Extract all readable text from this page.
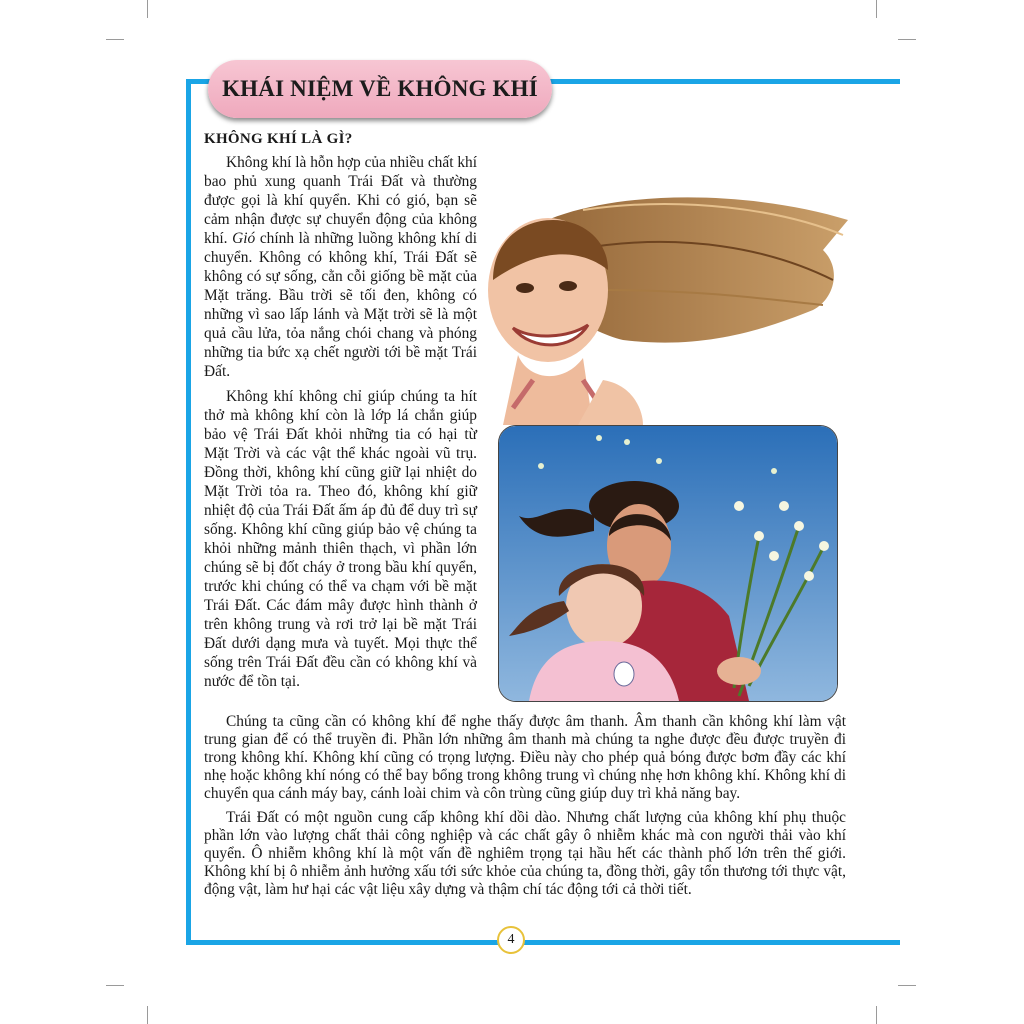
KHÁI NIỆM VỀ KHÔNG KHÍ
KHÔNG KHÍ LÀ GÌ?

Không khí là hỗn hợp của nhiều chất khí bao phủ xung quanh Trái Đất và thường được gọi là khí quyển. Khi có gió, bạn sẽ cảm nhận được sự chuyển động của không khí. Gió chính là những luồng không khí di chuyển. Không có không khí, Trái Đất sẽ không có sự sống, cằn cỗi giống bề mặt của Mặt trăng. Bầu trời sẽ tối đen, không có những vì sao lấp lánh và Mặt trời sẽ là một quả cầu lửa, tỏa nắng chói chang và phóng những tia bức xạ chết người tới bề mặt Trái Đất.

Không khí không chỉ giúp chúng ta hít thở mà không khí còn là lớp lá chắn giúp bảo vệ Trái Đất khỏi những tia có hại từ Mặt Trời và các vật thể khác ngoài vũ trụ. Đồng thời, không khí cũng giữ lại nhiệt do Mặt Trời tỏa ra. Theo đó, không khí giữ nhiệt độ của Trái Đất ấm áp đủ để duy trì sự sống. Không khí cũng giúp bảo vệ chúng ta khỏi những mảnh thiên thạch, vì phần lớn chúng sẽ bị đốt cháy ở trong bầu khí quyển, trước khi chúng có thể va chạm với bề mặt Trái Đất. Các đám mây được hình thành ở trên không trung và rơi trở lại bề mặt Trái Đất dưới dạng mưa và tuyết. Mọi thực thể sống trên Trái Đất đều cần có không khí và nước để tồn tại.

Chúng ta cũng cần có không khí để nghe thấy được âm thanh. Âm thanh cần không khí làm vật trung gian để có thể truyền đi. Phần lớn những âm thanh mà chúng ta nghe được đều được truyền đi trong không khí. Không khí cũng có trọng lượng. Điều này cho phép quả bóng được bơm đầy các khí nhẹ hoặc không khí nóng có thể bay bổng trong không trung vì chúng nhẹ hơn không khí. Không khí di chuyển qua cánh máy bay, cánh loài chim và côn trùng cũng giúp duy trì khả năng bay.

Trái Đất có một nguồn cung cấp không khí dồi dào. Nhưng chất lượng của không khí phụ thuộc phần lớn vào lượng chất thải công nghiệp và các chất gây ô nhiễm khác mà con người thải vào khí quyển. Ô nhiễm không khí là một vấn đề nghiêm trọng tại hầu hết các thành phố lớn trên thế giới. Không khí bị ô nhiễm ảnh hưởng xấu tới sức khỏe của chúng ta, đồng thời, gây tổn thương tới thực vật, động vật, làm hư hại các vật liệu xây dựng và thậm chí tác động tới cả thời tiết.

4
